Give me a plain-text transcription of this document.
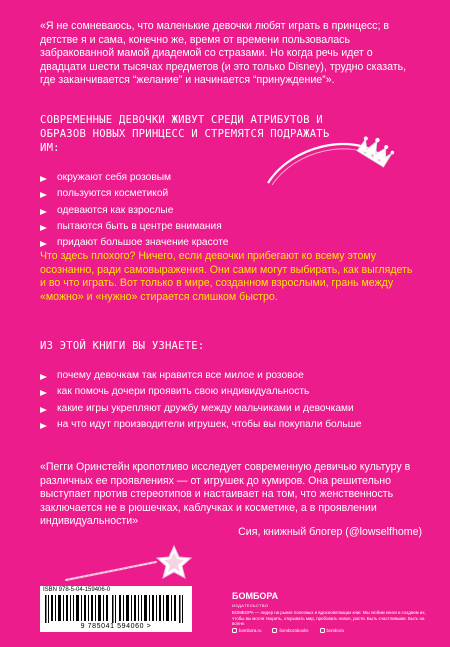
«Я не сомневаюсь, что маленькие девочки любят играть в принцесс; в детстве я и сама, конечно же, время от времени пользовалась забракованной мамой диадемой со стразами. Но когда речь идет о двадцати шести тысячах предметов (и это только Disney), трудно сказать, где заканчивается “желание” и начинается “принуждение”».

СОВРЕМЕННЫЕ ДЕВОЧКИ ЖИВУТ СРЕДИ АТРИБУТОВ И ОБРАЗОВ НОВЫХ ПРИНЦЕСС И СТРЕМЯТСЯ ПОДРАЖАТЬ ИМ:
окружают себя розовым
пользуются косметикой
одеваются как взрослые
пытаются быть в центре внимания
придают большое значение красоте

Что здесь плохого? Ничего, если девочки прибегают ко всему этому осознанно, ради самовыражения. Они сами могут выбирать, как выглядеть и во что играть. Вот только в мире, созданном взрослыми, грань между «можно» и «нужно» стирается слишком быстро.

ИЗ ЭТОЙ КНИГИ ВЫ УЗНАЕТЕ:
почему девочкам так нравится все милое и розовое
как помочь дочери проявить свою индивидуальность
какие игры укрепляют дружбу между мальчиками и девочками
на что идут производители игрушек, чтобы вы покупали больше

«Пегги Оринстейн кропотливо исследует современную девичью культуру в различных ее проявлениях — от игрушек до кумиров. Она решительно выступает против стереотипов и настаивает на том, что женственность заключается не в рюшечках, каблучках и косметике, а в проявлении индивидуальности»

Сия, книжный блогер (@lowselfhome)
ISBN 978-5-04-159406-0
9 785041 594060 >
БОМБОРА
ИЗДАТЕЛЬСТВО
БОМБОРА — лидер на рынке полезных и вдохновляющих книг. Мы любим книги и создаем их, чтобы вы могли творить, открывать мир, пробовать новое, расти. Быть счастливыми. Быть на волне.
bombora.ru	bomborabooks	bombora
